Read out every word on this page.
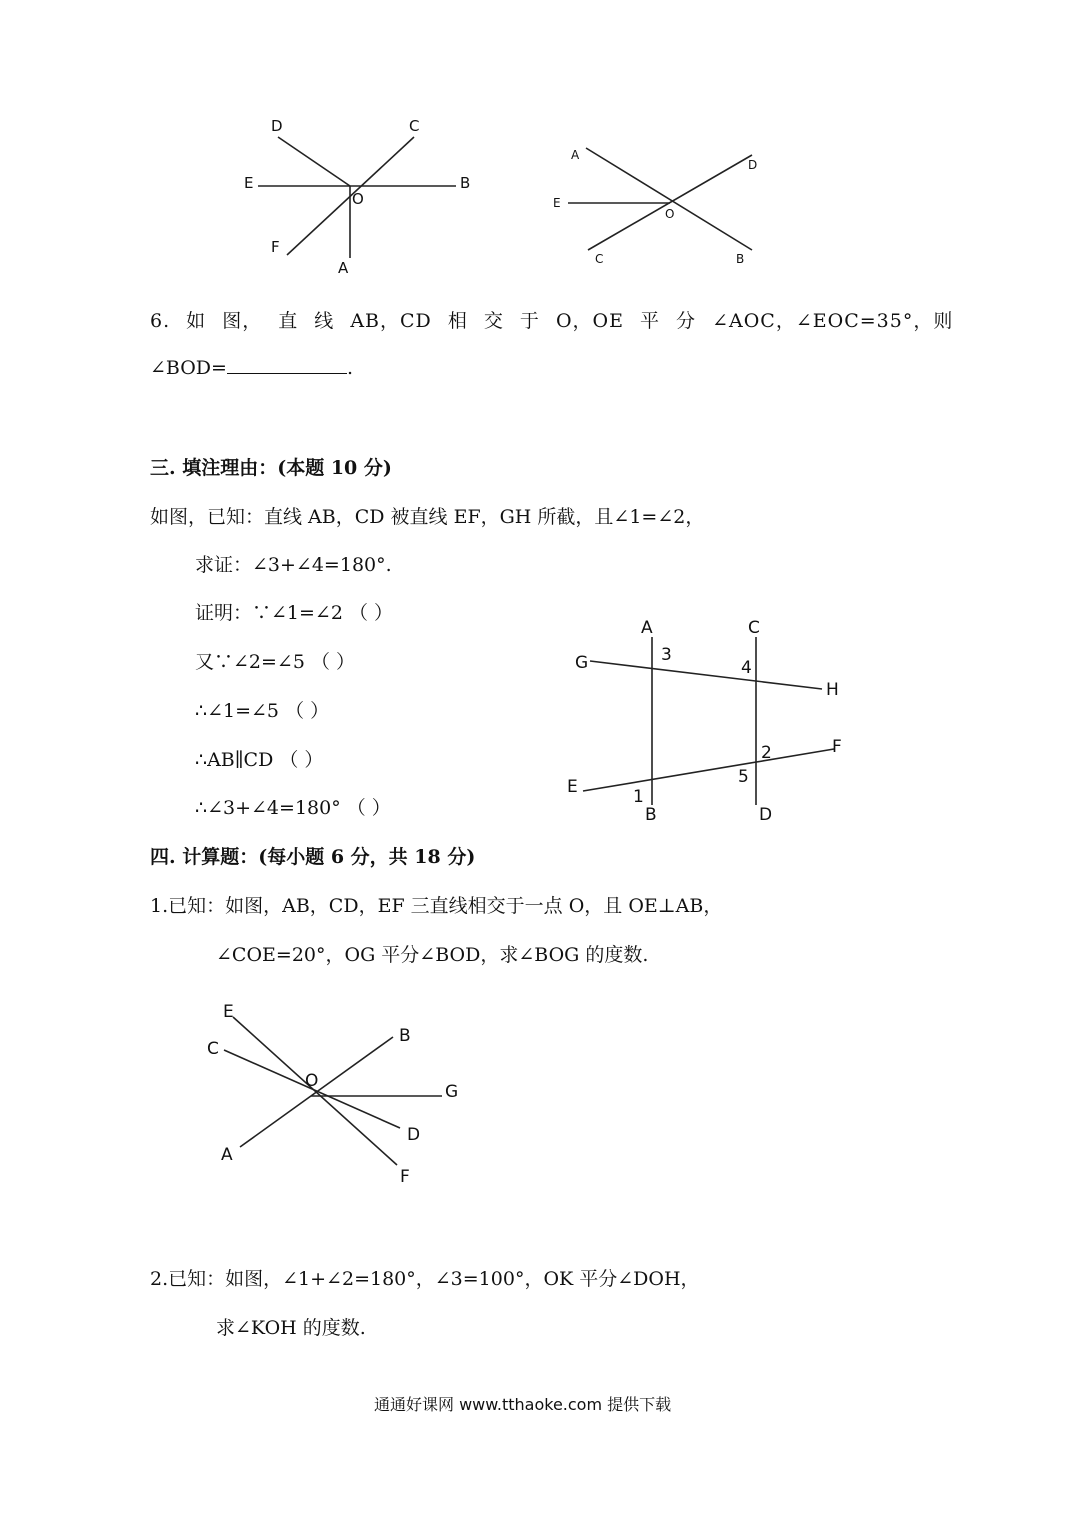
D	C
E
O
B
F
A
A
D
E
O
C	B
6. 如 图， 直 线 AB，CD 相 交 于 O，OE 平 分 ∠AOC，∠EOC=35°，则
∠BOD=	.
三. 填注理由：(本题 10 分)
如图，已知：直线 AB，CD 被直线 EF，GH 所截，且∠1=∠2，
求证：∠3+∠4=180°.
证明：∵∠1=∠2 （ ）
又∵∠2=∠5 （ ）
∴∠1=∠5 （ ）
∴AB∥CD （ ）
∴∠3+∠4=180° （ ）
A	C
G	3
4
H
2	F
5
E	1
B	D
四. 计算题：(每小题 6 分，共 18 分)
1.已知：如图，AB，CD，EF 三直线相交于一点 O，且 OE⊥AB，
∠COE=20°，OG 平分∠BOD，求∠BOG 的度数.
E
C
B
O
G
D
A
F
2.已知：如图，∠1+∠2=180°，∠3=100°，OK 平分∠DOH，
求∠KOH 的度数.
通通好课网 www.tthaoke.com 提供下载
